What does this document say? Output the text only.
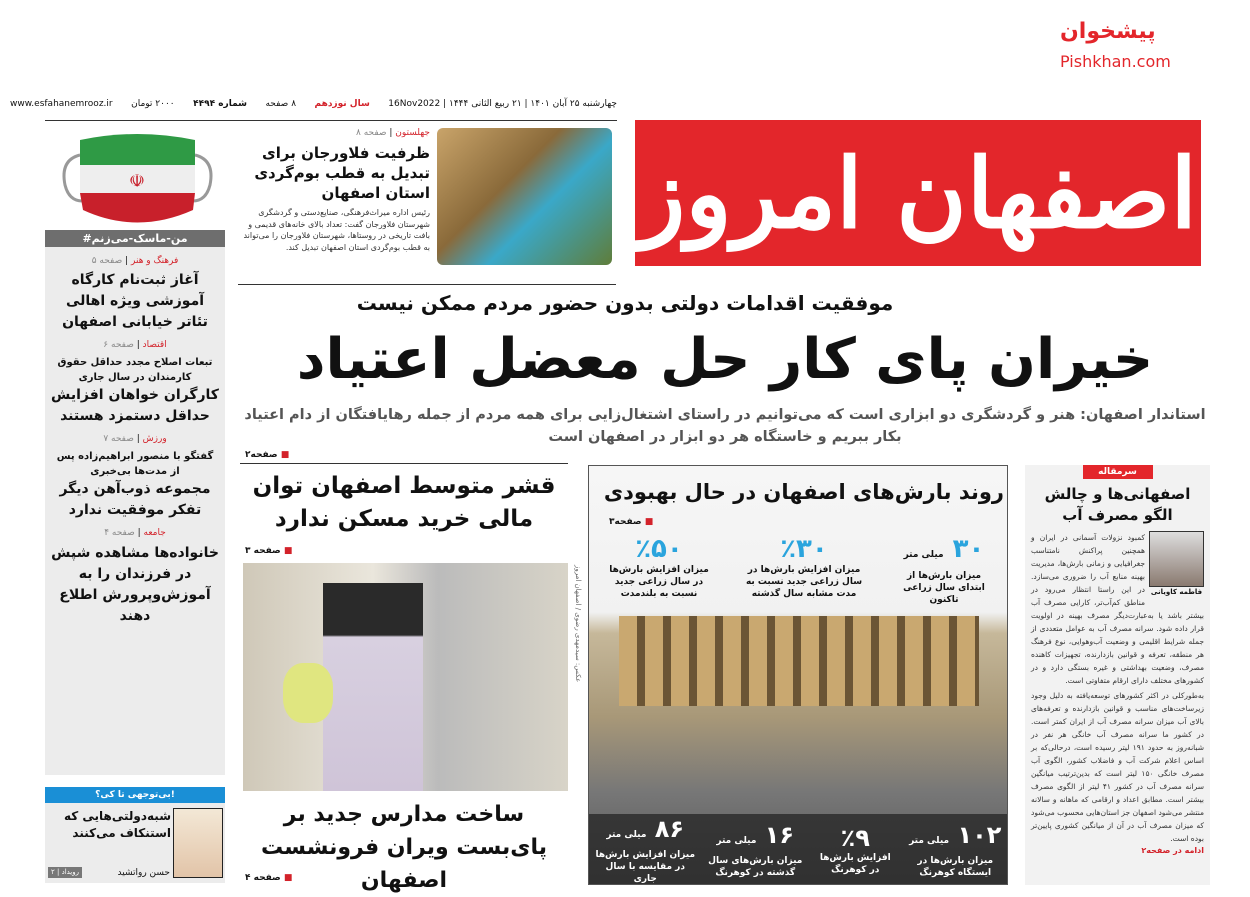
چهارشنبه ۲۵ آبان ۱۴۰۱ | ۲۱ ربیع الثانی ۱۴۴۴ | 16Nov2022
سال نوزدهم
۸ صفحه
شماره ۴۴۹۴
۲۰۰۰ تومان
www.esfahanemrooz.ir
اصفهان امروز
☫
#من-ماسک-می‌زنم
فرهنگ و هنر | صفحه ۵
آغاز ثبت‌نام کارگاه آموزشی ویژه اهالی تئاتر خیابانی اصفهان
اقتصاد | صفحه ۶
تبعات اصلاح مجدد حداقل حقوق کارمندان در سال جاری
کارگران خواهان افزایش حداقل دستمزد هستند
ورزش | صفحه ۷
گفتگو با منصور ابراهیم‌زاده پس از مدت‌ها بی‌خبری
مجموعه ذوب‌آهن دیگر تفکر موفقیت ندارد
جامعه | صفحه ۴
خانواده‌ها مشاهده شپش در فرزندان را به آموزش‌وپرورش اطلاع دهند
بی‌توجهی تا کی؟!
شبه‌دولتی‌هایی که استنکاف می‌کنند
حسن رواتشید
رویداد | ۲
جهلستون | صفحه ۸
ظرفیت فلاورجان برای تبدیل به قطب بوم‌گردی استان اصفهان
رئیس اداره میراث‌فرهنگی، صنایع‌دستی و گردشگری شهرستان فلاورجان گفت: تعداد بالای خانه‌های قدیمی و بافت تاریخی در روستاها، شهرستان فلاورجان را می‌تواند به قطب بوم‌گردی استان اصفهان تبدیل کند.
موفقیت اقدامات دولتی بدون حضور مردم ممکن نیست
خیران پای کار حل معضل اعتیاد
استاندار اصفهان: هنر و گردشگری دو ابزاری است که می‌توانیم در راستای اشتغال‌زایی برای همه مردم از جمله رهایافتگان از دام اعتیاد بکار ببریم و خاستگاه هر دو ابزار در اصفهان است
■ صفحه۲
قشر متوسط اصفهان توان مالی خرید مسکن ندارد
■ صفحه ۳
عکس: سیدمهدی رضوی / اصفهان امروز
ساخت مدارس جدید بر پای‌بست ویران فرونشست اصفهان
■ صفحه ۴
روند بارش‌های اصفهان در حال بهبودی
■ صفحه۳
۳۰ میلی متر
میزان بارش‌ها از ابتدای سال زراعی تاکنون
٪۳۰
میزان افزایش بارش‌ها در سال زراعی جدید نسبت به مدت مشابه سال گذشته
٪۵۰
میزان افزایش بارش‌ها در سال زراعی جدید نسبت به بلندمدت
۱۰۲ میلی متر
میزان بارش‌ها در ایستگاه کوهرنگ
٪۹
افزایش بارش‌ها در کوهرنگ
۱۶ میلی متر
میزان بارش‌های سال گذشته در کوهرنگ
۸۶ میلی متر
میزان افزایش بارش‌ها در مقایسه با سال جاری
سرمقاله
اصفهانی‌ها و چالش الگو مصرف آب
فاطمه کاویانی

کمبود نزولات آسمانی در ایران و همچنین پراکنش نامتناسب جغرافیایی و زمانی بارش‌ها، مدیریت بهینه منابع آب را ضروری می‌سازد. در این راستا انتظار می‌رود در مناطق کم‌آب‌تر، کارایی مصرف آب بیشتر باشد یا به‌عبارت‌دیگر مصرف بهینه در اولویت قرار داده شود. سرانه مصرف آب به عوامل متعددی از جمله شرایط اقلیمی و وضعیت آب‌وهوایی، نوع فرهنگ هر منطقه، تعرفه و قوانین بازدارنده، تجهیزات کاهنده مصرف، وضعیت بهداشتی و غیره بستگی دارد و در کشورهای مختلف دارای ارقام متفاوتی است.

به‌طورکلی در اکثر کشورهای توسعه‌یافته به دلیل وجود زیرساخت‌های مناسب و قوانین بازدارنده و تعرفه‌های بالای آب میزان سرانه مصرف آب از ایران کمتر است. در کشور ما سرانه مصرف آب خانگی هر نفر در شبانه‌روز به حدود ۱۹۱ لیتر رسیده است، درحالی‌که بر اساس اعلام شرکت آب و فاضلاب کشور، الگوی آب مصرف خانگی ۱۵۰ لیتر است که بدین‌ترتیب میانگین سرانه مصرف آب در کشور ۴۱ لیتر از الگوی مصرف بیشتر است. مطابق اعداد و ارقامی که ماهانه و سالانه منتشر می‌شود اصفهان جز استان‌هایی محسوب می‌شود که میزان مصرف آب در آن از میانگین کشوری پایین‌تر بوده است.

ادامه در صفحه۲
پیشخوان
Pishkhan.com
